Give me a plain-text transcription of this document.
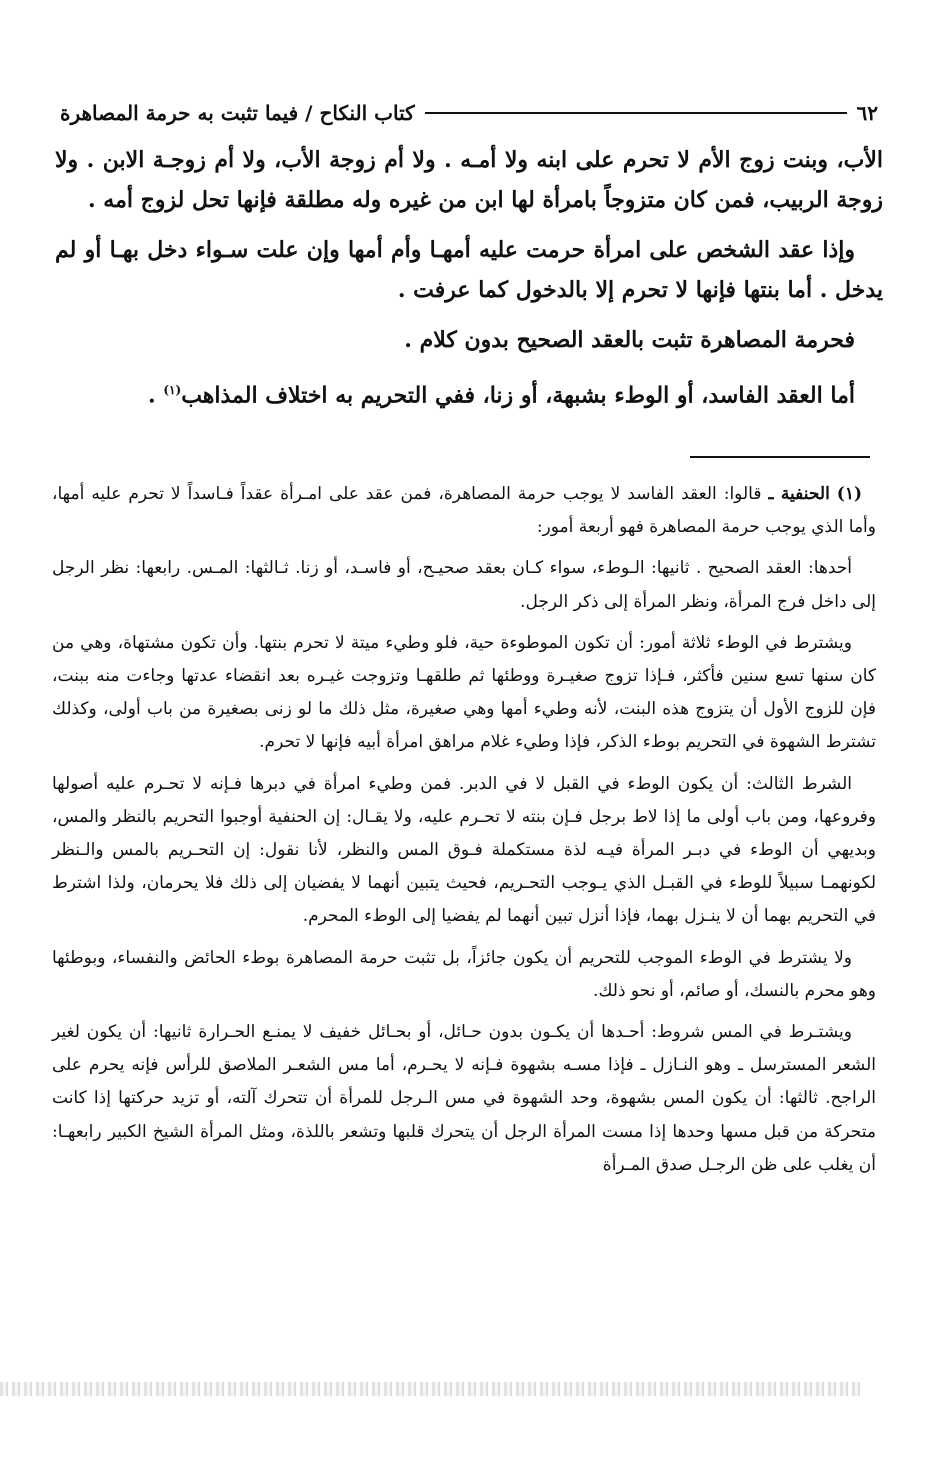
٦٢
كتاب النكاح / فيما تثبت به حرمة المصاهرة

الأب، وبنت زوج الأم لا تحرم على ابنه ولا أمـه . ولا أم زوجة الأب، ولا أم زوجـة الابن . ولا زوجة الربيب، فمن كان متزوجاً بامرأة لها ابن من غيره وله مطلقة فإنها تحل لزوج أمه .

وإذا عقد الشخص على امرأة حرمت عليه أمهـا وأم أمها وإن علت سـواء دخل بهـا أو لم يدخل . أما بنتها فإنها لا تحرم إلا بالدخول كما عرفت .

فحرمة المصاهرة تثبت بالعقد الصحيح بدون كلام .

أما العقد الفاسد، أو الوطء بشبهة، أو زنا، ففي التحريم به اختلاف المذاهب$^{(١)}$ .

(١) الحنفية ـ قالوا: العقد الفاسد لا يوجب حرمة المصاهرة، فمن عقد على امـرأة عقداً فـاسداً لا تحرم عليه أمها، وأما الذي يوجب حرمة المصاهرة فهو أربعة أمور:

أحدها: العقد الصحيح . ثانيها: الـوطء، سواء كـان بعقد صحيـح، أو فاسـد، أو زنا. ثـالثها: المـس. رابعها: نظر الرجل إلى داخل فرج المرأة، ونظر المرأة إلى ذكر الرجل.

ويشترط في الوطء ثلاثة أمور: أن تكون الموطوءة حية، فلو وطيء ميتة لا تحرم بنتها. وأن تكون مشتهاة، وهي من كان سنها تسع سنين فأكثر، فـإذا تزوج صغيـرة ووطئها ثم طلقهـا وتزوجت غيـره بعد انقضاء عدتها وجاءت منه ببنت، فإن للزوج الأول أن يتزوج هذه البنت، لأنه وطيء أمها وهي صغيرة، مثل ذلك ما لو زنى بصغيرة من باب أولى، وكذلك تشترط الشهوة في التحريم بوطء الذكر، فإذا وطيء غلام مراهق امرأة أبيه فإنها لا تحرم.

الشرط الثالث: أن يكون الوطء في القبل لا في الدبر. فمن وطيء امرأة في دبرها فـإنه لا تحـرم عليه أصولها وفروعها، ومن باب أولى ما إذا لاط برجل فـإن بنته لا تحـرم عليه، ولا يقـال: إن الحنفية أوجبوا التحريم بالنظر والمس، وبديهي أن الوطء في دبـر المرأة فيـه لذة مستكملة فـوق المس والنظر، لأنا نقول: إن التحـريم بالمس والـنظر لكونهمـا سبيلاً للوطء في القبـل الذي يـوجب التحـريم، فحيث يتبين أنهما لا يفضيان إلى ذلك فلا يحرمان، ولذا اشترط في التحريم بهما أن لا ينـزل بهما، فإذا أنزل تبين أنهما لم يفضيا إلى الوطء المحرم.

ولا يشترط في الوطء الموجب للتحريم أن يكون جائزاً، بل تثبت حرمة المصاهرة بوطء الحائض والنفساء، وبوطئها وهو محرم بالنسك، أو صائم، أو نحو ذلك.

ويشتـرط في المس شروط: أحـدها أن يكـون بدون حـائل، أو بحـائل خفيف لا يمنـع الحـرارة ثانيها: أن يكون لغير الشعر المسترسل ـ وهو النـازل ـ فإذا مسـه بشهوة فـإنه لا يحـرم، أما مس الشعـر الملاصق للرأس فإنه يحرم على الراجح. ثالثها: أن يكون المس بشهوة، وحد الشهوة في مس الـرجل للمرأة أن تتحرك آلته، أو تزيد حركتها إذا كانت متحركة من قبل مسها وحدها إذا مست المرأة الرجل أن يتحرك قلبها وتشعر باللذة، ومثل المرأة الشيخ الكبير رابعهـا: أن يغلب على ظن الرجـل صدق المـرأة
